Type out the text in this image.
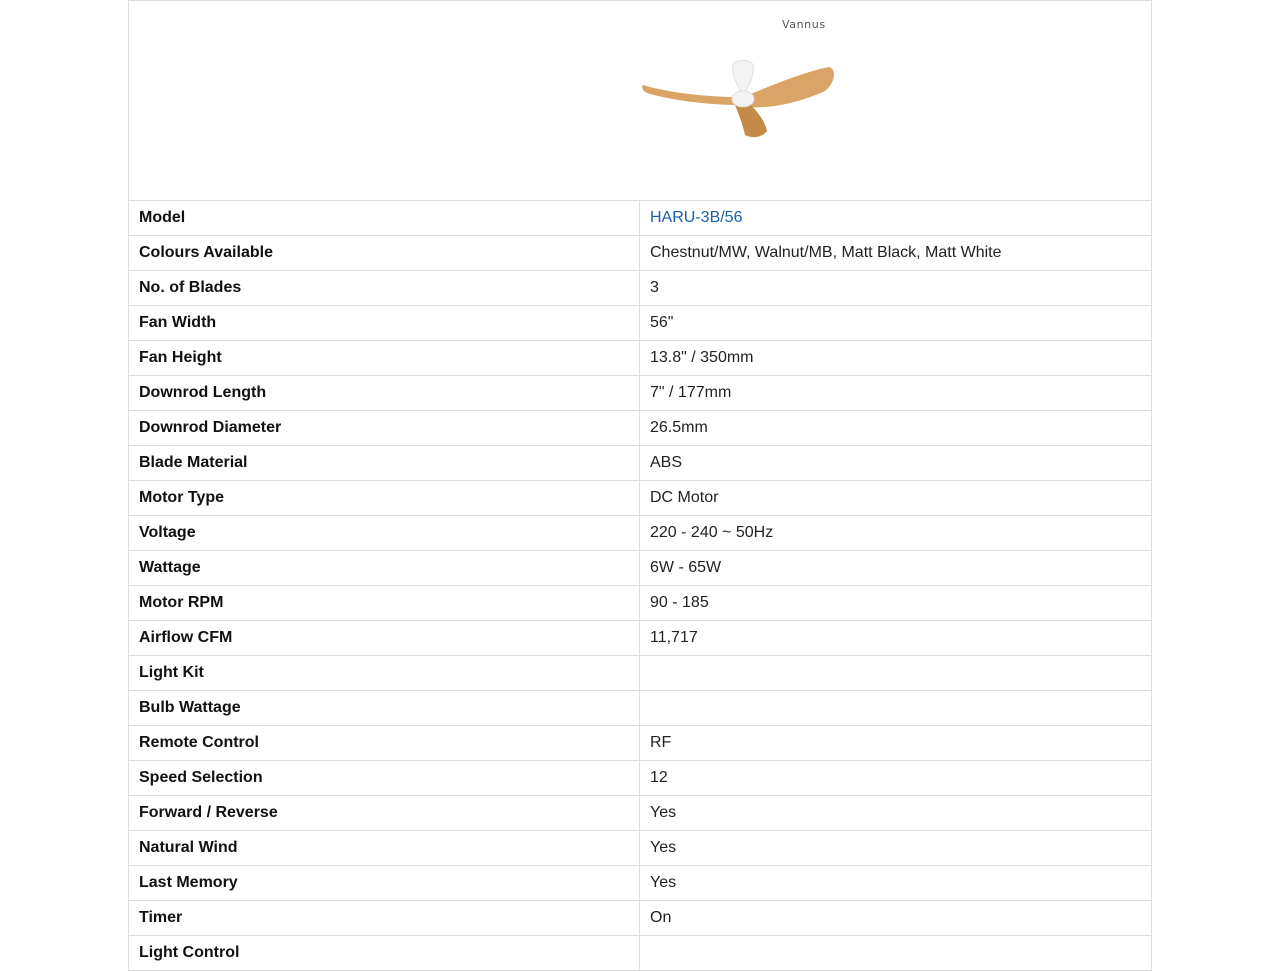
Vannus
Model	HARU-3B/56
Colours Available	Chestnut/MW, Walnut/MB, Matt Black, Matt White
No. of Blades	3
Fan Width	56"
Fan Height	13.8" / 350mm
Downrod Length	7" / 177mm
Downrod Diameter	26.5mm
Blade Material	ABS
Motor Type	DC Motor
Voltage	220 - 240 ~ 50Hz
Wattage	6W - 65W
Motor RPM	90 - 185
Airflow CFM	11,717
Light Kit	
Bulb Wattage	
Remote Control	RF
Speed Selection	12
Forward / Reverse	Yes
Natural Wind	Yes
Last Memory	Yes
Timer	On
Light Control	
